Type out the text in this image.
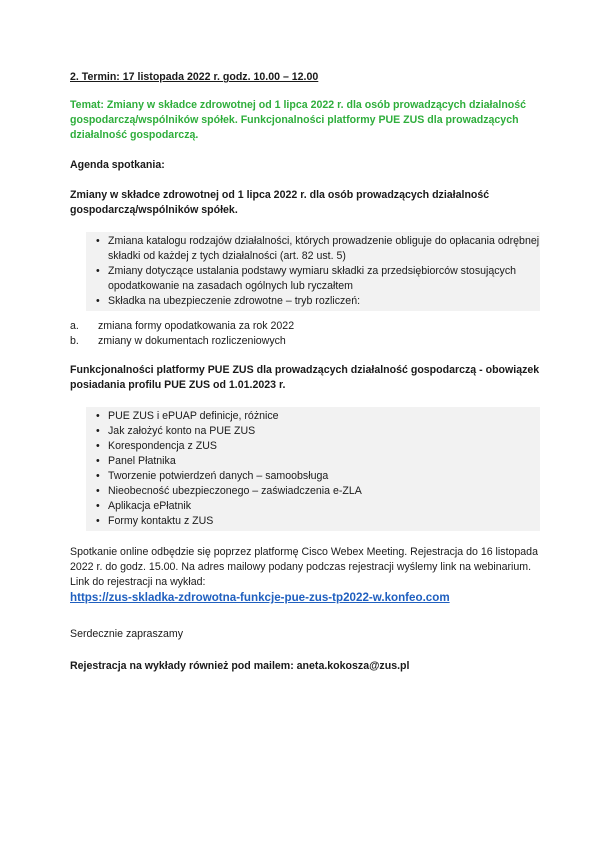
2. Termin: 17 listopada 2022 r. godz. 10.00 – 12.00

Temat: Zmiany w składce zdrowotnej od 1 lipca 2022 r. dla osób prowadzących działalność gospodarczą/wspólników spółek. Funkcjonalności platformy PUE ZUS dla prowadzących działalność gospodarczą.

Agenda spotkania:

Zmiany w składce zdrowotnej od 1 lipca 2022 r. dla osób prowadzących działalność gospodarczą/wspólników spółek.

• Zmiana katalogu rodzajów działalności, których prowadzenie obliguje do opłacania odrębnej składki od każdej z tych działalności (art. 82 ust. 5)
• Zmiany dotyczące ustalania podstawy wymiaru składki za przedsiębiorców stosujących opodatkowanie na zasadach ogólnych lub ryczałtem
• Składka na ubezpieczenie zdrowotne – tryb rozliczeń:
a.	zmiana formy opodatkowania za rok 2022
b.	zmiany w dokumentach rozliczeniowych

Funkcjonalności platformy PUE ZUS dla prowadzących działalność gospodarczą - obowiązek posiadania profilu PUE ZUS od 1.01.2023 r.

• PUE ZUS i ePUAP definicje, różnice
• Jak założyć konto na PUE ZUS
• Korespondencja z ZUS
• Panel Płatnika
• Tworzenie potwierdzeń danych – samoobsługa
• Nieobecność ubezpieczonego – zaświadczenia e-ZLA
• Aplikacja ePłatnik
• Formy kontaktu z ZUS

Spotkanie online odbędzie się poprzez platformę Cisco Webex Meeting. Rejestracja do 16 listopada 2022 r. do godz. 15.00. Na adres mailowy podany podczas rejestracji wyślemy link na webinarium.

Link do rejestracji na wykład:

https://zus-skladka-zdrowotna-funkcje-pue-zus-tp2022-w.konfeo.com

Serdecznie zapraszamy

Rejestracja na wykłady również pod mailem: aneta.kokosza@zus.pl
